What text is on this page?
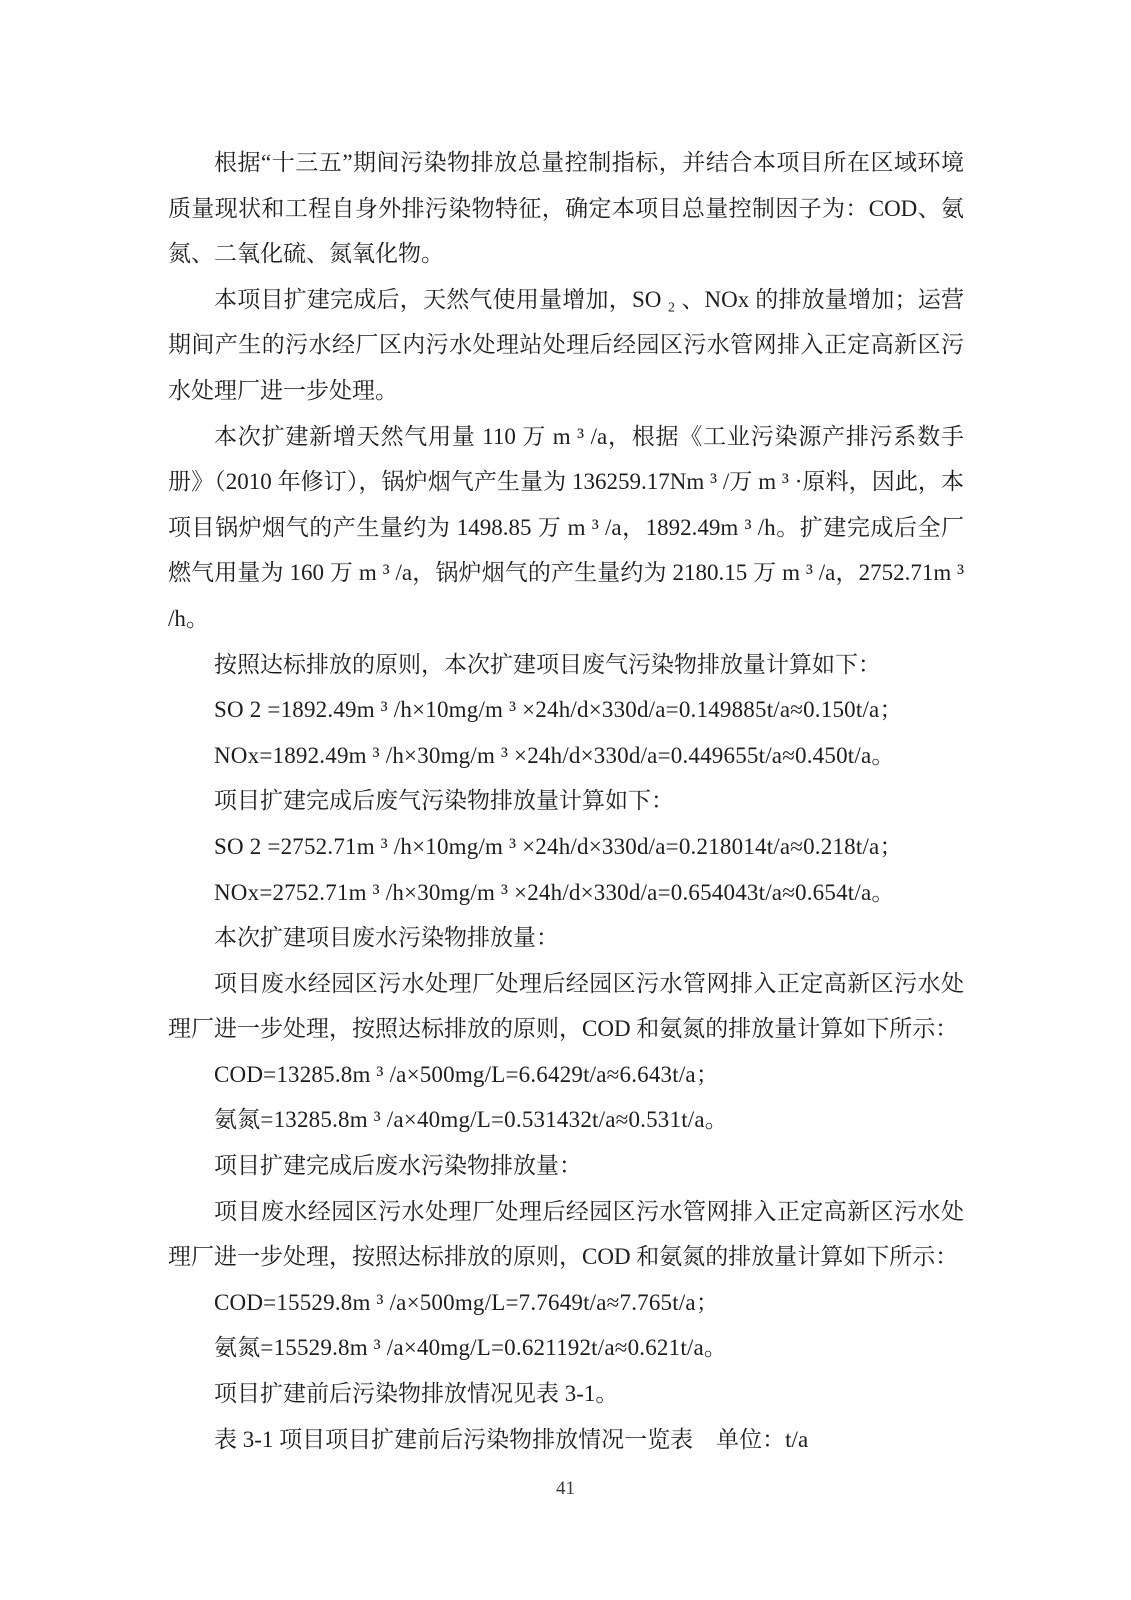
根据“十三五”期间污染物排放总量控制指标，并结合本项目所在区域环境质量现状和工程自身外排污染物特征，确定本项目总量控制因子为：COD、氨氮、二氧化硫、氮氧化物。

本项目扩建完成后，天然气使用量增加，SO ₂ 、NOx 的排放量增加；运营期间产生的污水经厂区内污水处理站处理后经园区污水管网排入正定高新区污水处理厂进一步处理。

本次扩建新增天然气用量 110 万 m ³ /a，根据《工业污染源产排污系数手册》（2010 年修订），锅炉烟气产生量为 136259.17Nm ³ /万 m ³ ·原料，因此，本项目锅炉烟气的产生量约为 1498.85 万 m ³ /a，1892.49m ³ /h。扩建完成后全厂燃气用量为 160 万 m ³ /a，锅炉烟气的产生量约为 2180.15 万 m ³ /a，2752.71m ³ /h。

按照达标排放的原则，本次扩建项目废气污染物排放量计算如下：

SO 2 =1892.49m ³ /h×10mg/m ³ ×24h/d×330d/a=0.149885t/a≈0.150t/a；

NOx=1892.49m ³ /h×30mg/m ³ ×24h/d×330d/a=0.449655t/a≈0.450t/a。

项目扩建完成后废气污染物排放量计算如下：

SO 2 =2752.71m ³ /h×10mg/m ³ ×24h/d×330d/a=0.218014t/a≈0.218t/a；

NOx=2752.71m ³ /h×30mg/m ³ ×24h/d×330d/a=0.654043t/a≈0.654t/a。

本次扩建项目废水污染物排放量：

项目废水经园区污水处理厂处理后经园区污水管网排入正定高新区污水处理厂进一步处理，按照达标排放的原则，COD 和氨氮的排放量计算如下所示：

COD=13285.8m ³ /a×500mg/L=6.6429t/a≈6.643t/a；

氨氮=13285.8m ³ /a×40mg/L=0.531432t/a≈0.531t/a。

项目扩建完成后废水污染物排放量：

项目废水经园区污水处理厂处理后经园区污水管网排入正定高新区污水处理厂进一步处理，按照达标排放的原则，COD 和氨氮的排放量计算如下所示：

COD=15529.8m ³ /a×500mg/L=7.7649t/a≈7.765t/a；

氨氮=15529.8m ³ /a×40mg/L=0.621192t/a≈0.621t/a。

项目扩建前后污染物排放情况见表 3-1。

表 3-1 项目项目扩建前后污染物排放情况一览表　单位：t/a

41
